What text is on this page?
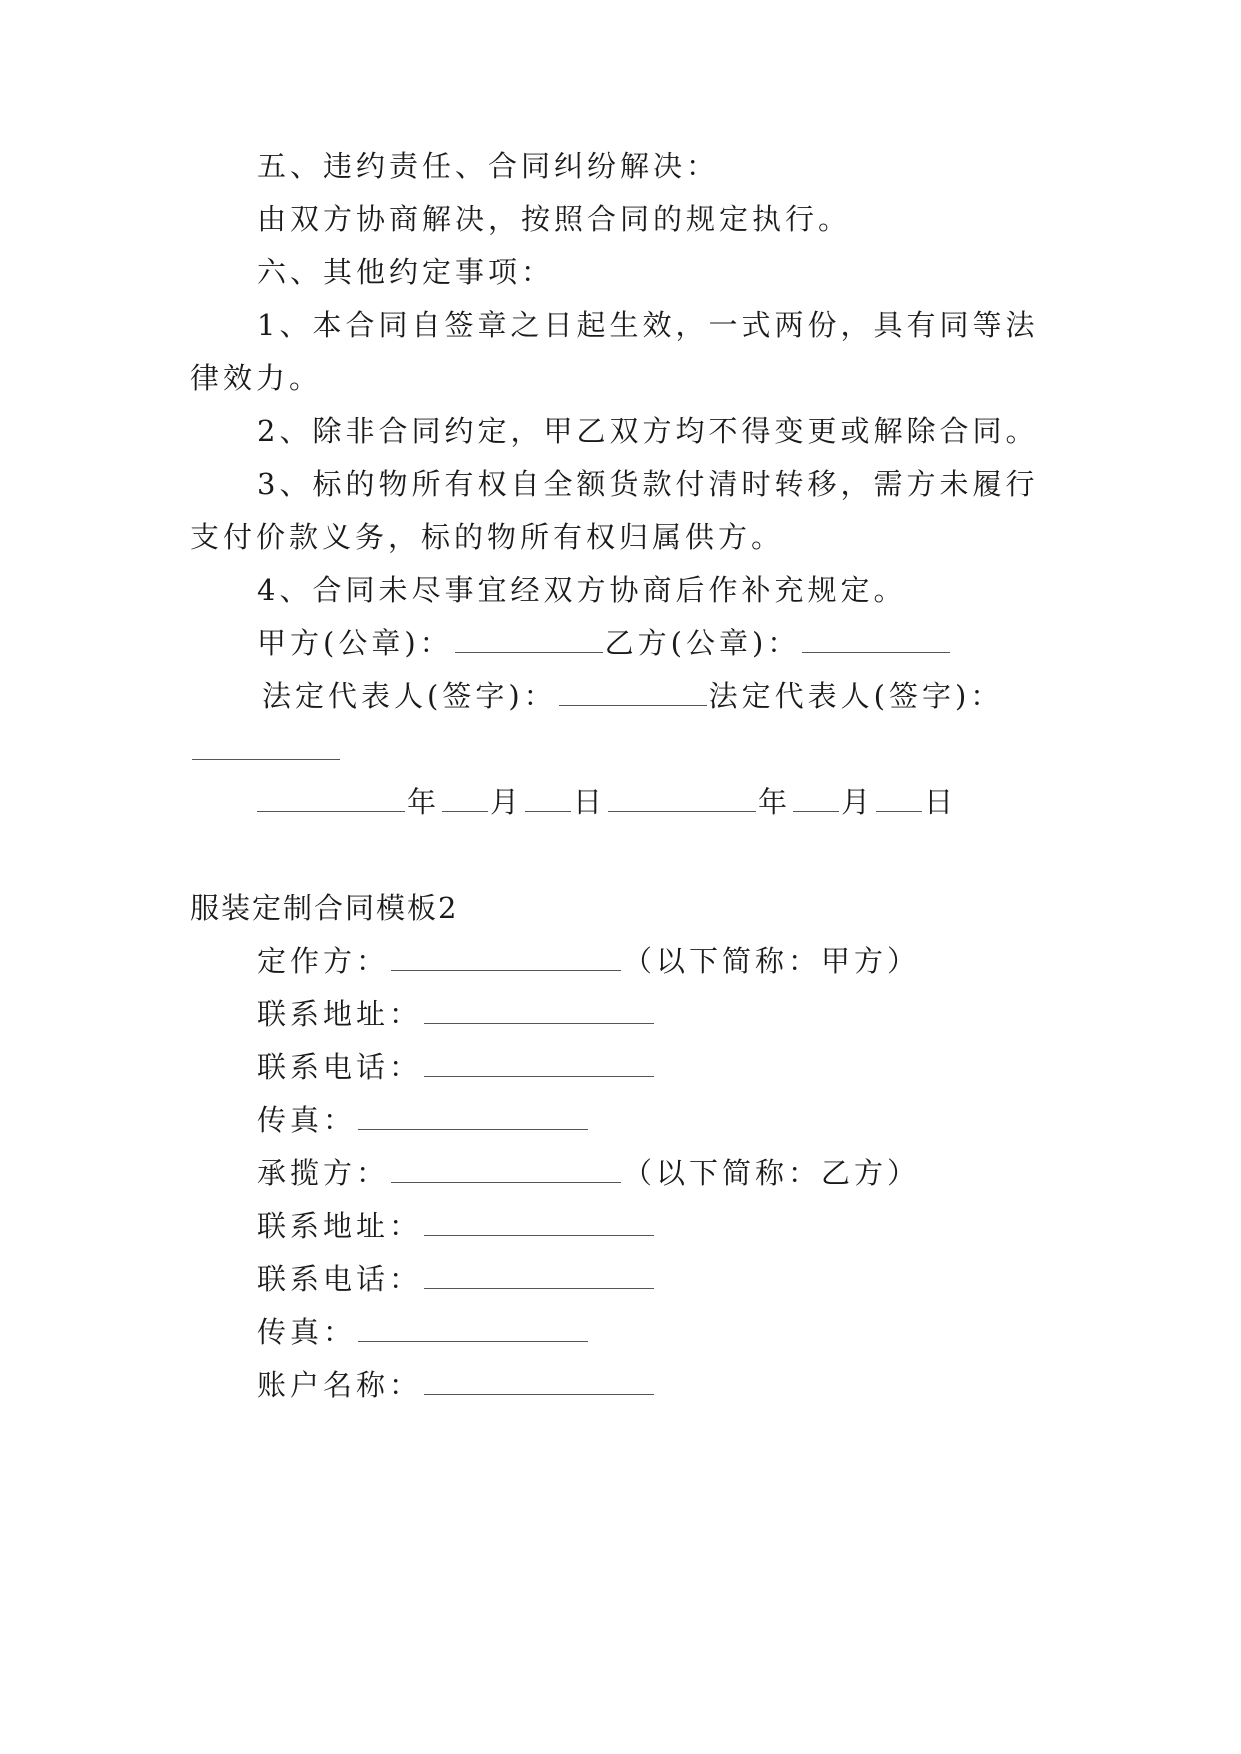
五、违约责任、合同纠纷解决：
由双方协商解决，按照合同的规定执行。
六、其他约定事项：
1、本合同自签章之日起生效，一式两份，具有同等法
律效力。
2、除非合同约定，甲乙双方均不得变更或解除合同。
3、标的物所有权自全额货款付清时转移，需方未履行
支付价款义务，标的物所有权归属供方。
4、合同未尽事宜经双方协商后作补充规定。
甲方(公章)：	乙方(公章)：
法定代表人(签字)：	法定代表人(签字)：
年 月 日	年 月 日
服装定制合同模板2
定作方：	（以下简称：甲方）
联系地址：
联系电话：
传真：
承揽方：	（以下简称：乙方）
联系地址：
联系电话：
传真：
账户名称：
